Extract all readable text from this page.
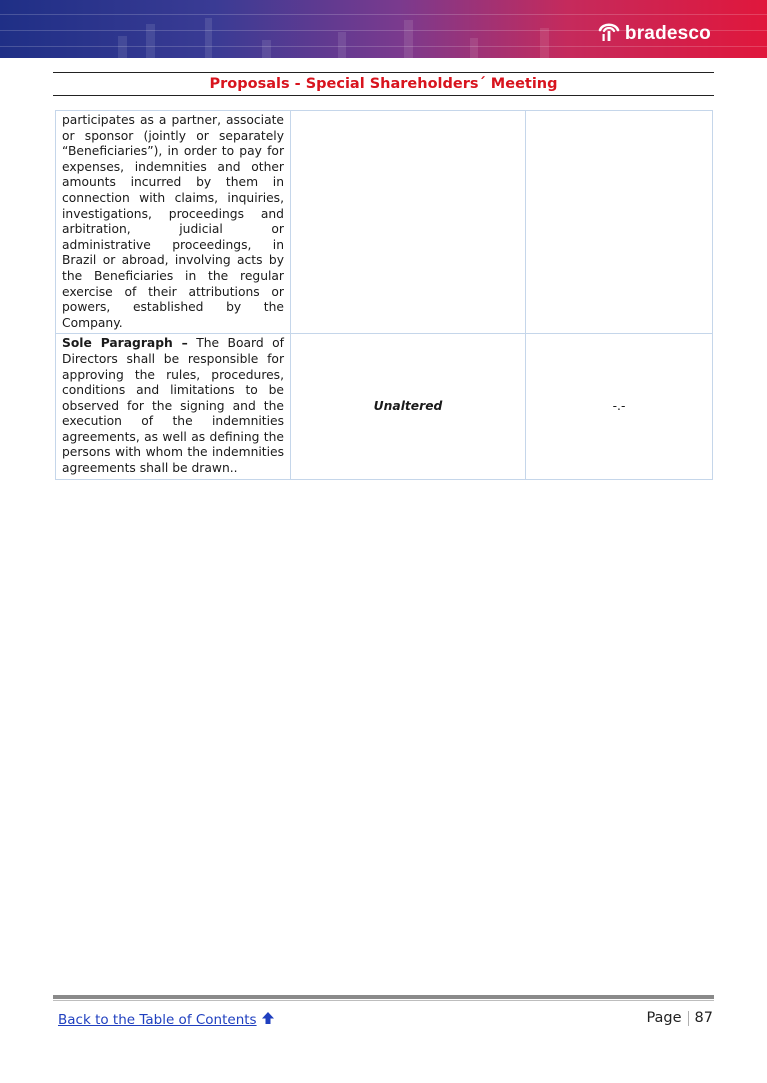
bradesco
Proposals - Special Shareholders´ Meeting
participates as a partner, associate or sponsor (jointly or separately “Beneficiaries”), in order to pay for expenses, indemnities and other amounts incurred by them in connection with claims, inquiries, investigations, proceedings and arbitration, judicial or administrative proceedings, in Brazil or abroad, involving acts by the Beneficiaries in the regular exercise of their attributions or powers, established by the Company.		

Sole Paragraph – The Board of Directors shall be responsible for approving the rules, procedures, conditions and limitations to be observed for the signing and the execution of the indemnities agreements, as well as defining the persons with whom the indemnities agreements shall be drawn..	Unaltered	-.-
Back to the Table of Contents	Page 87
